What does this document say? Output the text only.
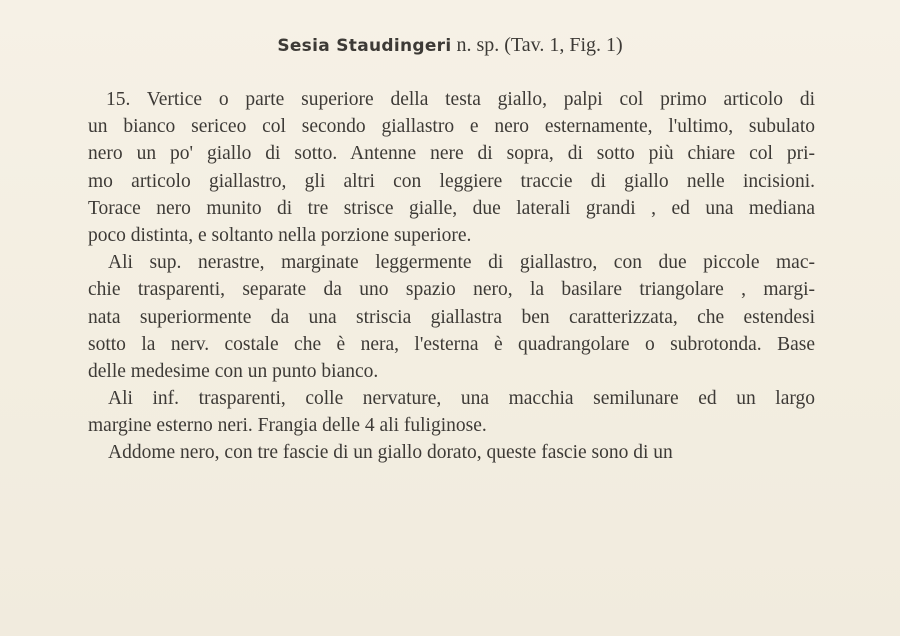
Sesia Staudingeri n. sp. (Tav. 1, Fig. 1)
15. Vertice o parte superiore della testa giallo, palpi col primo articolo di
un bianco sericeo col secondo giallastro e nero esternamente, l'ultimo, subulato
nero un po' giallo di sotto. Antenne nere di sopra, di sotto più chiare col pri-
mo articolo giallastro, gli altri con leggiere traccie di giallo nelle incisioni.
Torace nero munito di tre strisce gialle, due laterali grandi , ed una mediana
poco distinta, e soltanto nella porzione superiore.
Ali sup. nerastre, marginate leggermente di giallastro, con due piccole mac-
chie trasparenti, separate da uno spazio nero, la basilare triangolare , margi-
nata superiormente da una striscia giallastra ben caratterizzata, che estendesi
sotto la nerv. costale che è nera, l'esterna è quadrangolare o subrotonda. Base
delle medesime con un punto bianco.
Ali inf. trasparenti, colle nervature, una macchia semilunare ed un largo
margine esterno neri. Frangia delle 4 ali fuliginose.
Addome nero, con tre fascie di un giallo dorato, queste fascie sono di un
